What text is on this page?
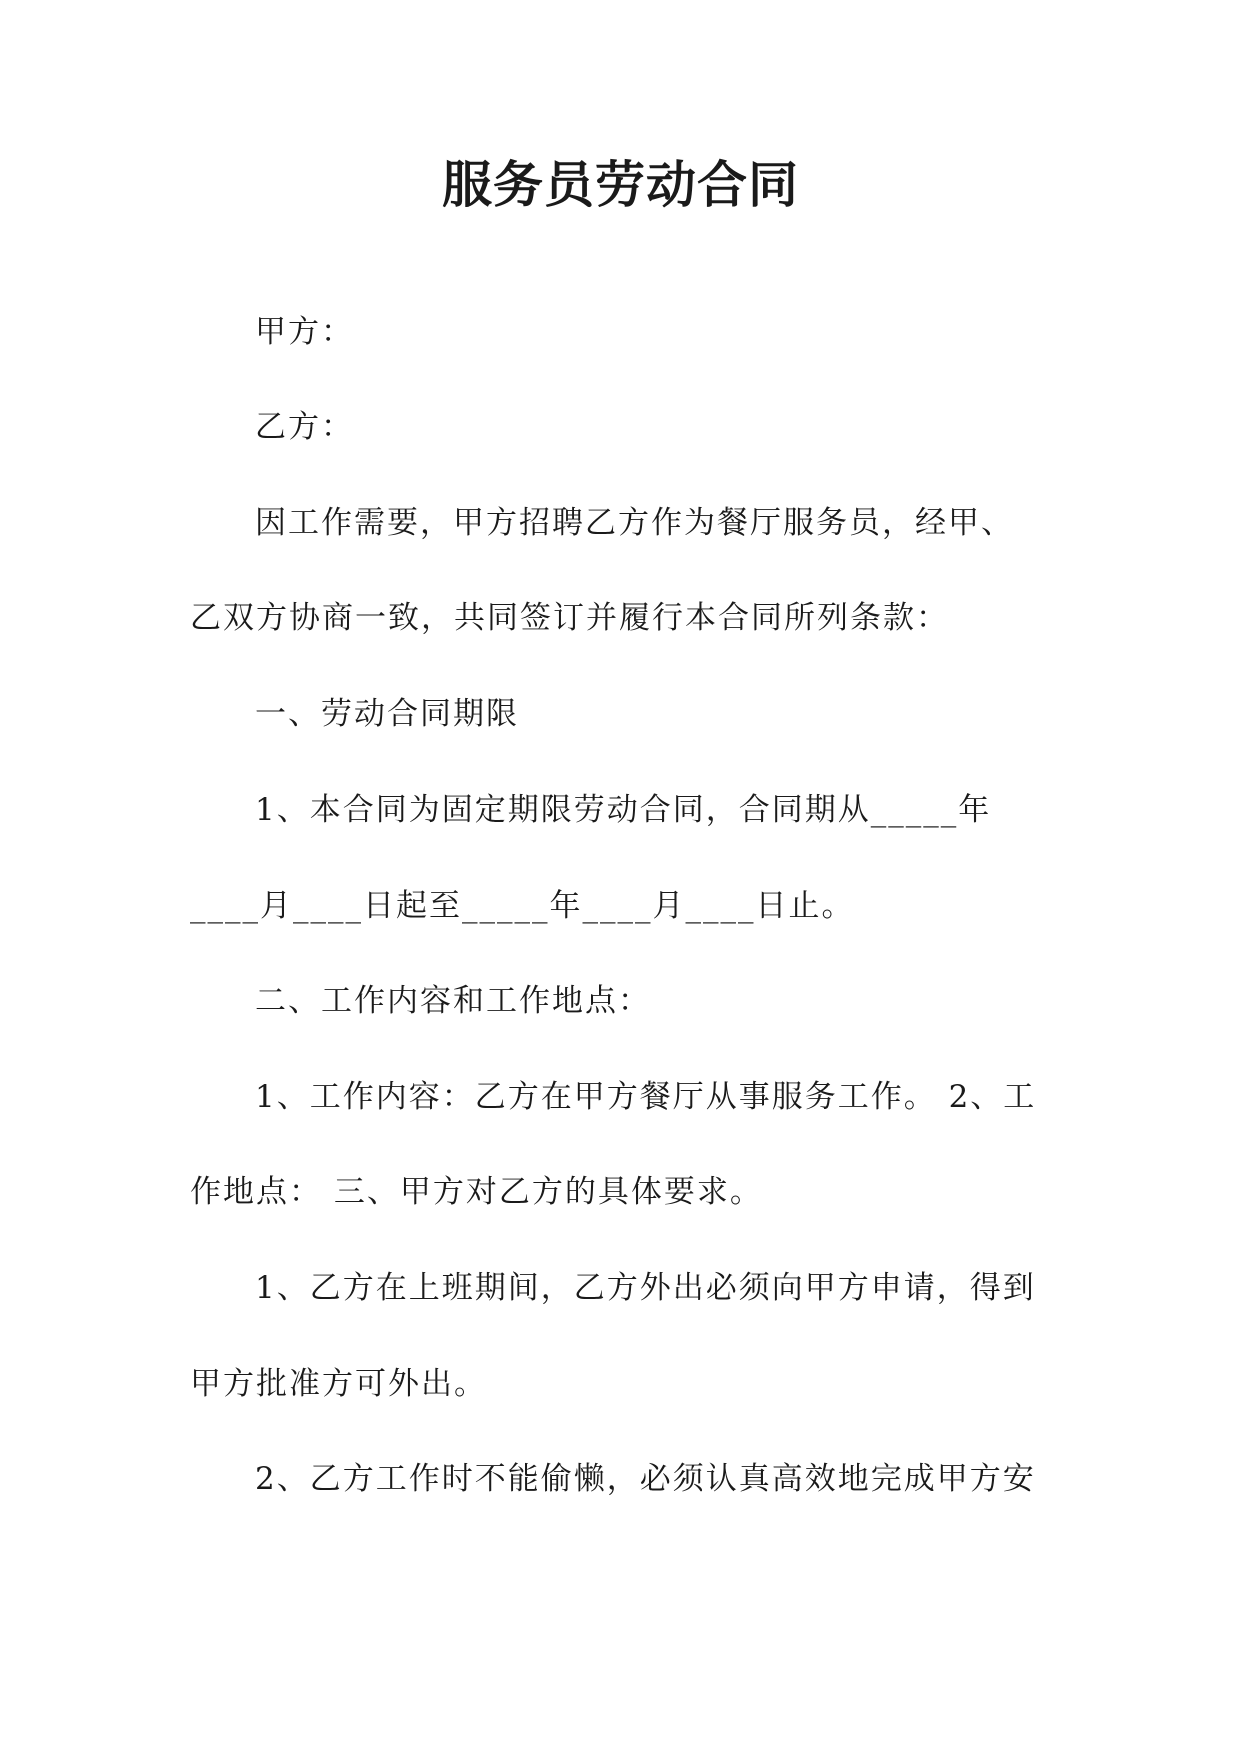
服务员劳动合同
甲方：
乙方：
因工作需要，甲方招聘乙方作为餐厅服务员，经甲、
乙双方协商一致，共同签订并履行本合同所列条款：
一、劳动合同期限
1、本合同为固定期限劳动合同，合同期从_____年
____月____日起至_____年____月____日止。
二、工作内容和工作地点：
1、工作内容：乙方在甲方餐厅从事服务工作。 2、工
作地点： 三、甲方对乙方的具体要求。
1、乙方在上班期间，乙方外出必须向甲方申请，得到
甲方批准方可外出。
2、乙方工作时不能偷懒，必须认真高效地完成甲方安
